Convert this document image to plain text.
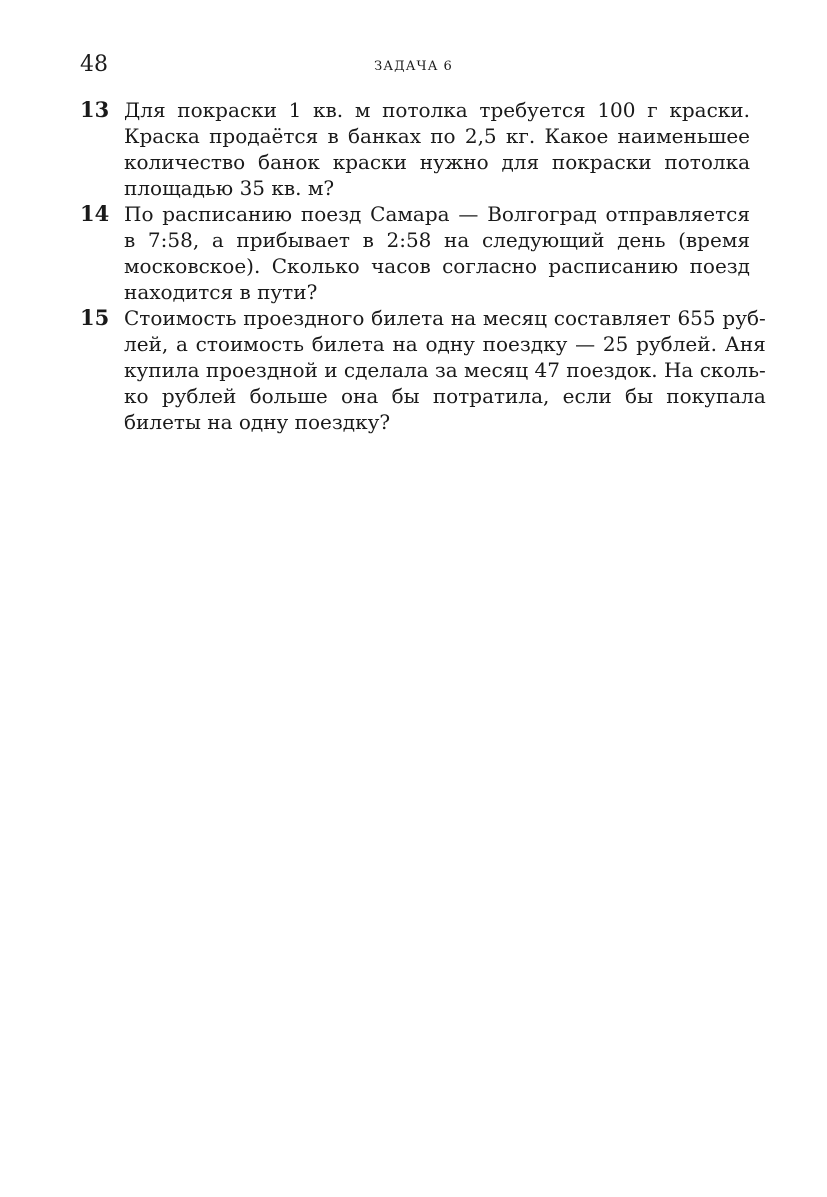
48	ЗАДАЧА 6
13 Для покраски 1 кв. м потолка требуется 100 г краски.
Краска продаётся в банках по 2,5 кг. Какое наименьшее
количество банок краски нужно для покраски потолка
площадью 35 кв. м?
14 По расписанию поезд Самара — Волгоград отправляется
в 7:58, а прибывает в 2:58 на следующий день (время
московское). Сколько часов согласно расписанию поезд
находится в пути?
15 Стоимость проездного билета на месяц составляет 655 руб-
лей, а стоимость билета на одну поездку — 25 рублей. Аня
купила проездной и сделала за месяц 47 поездок. На сколь-
ко рублей больше она бы потратила, если бы покупала
билеты на одну поездку?
